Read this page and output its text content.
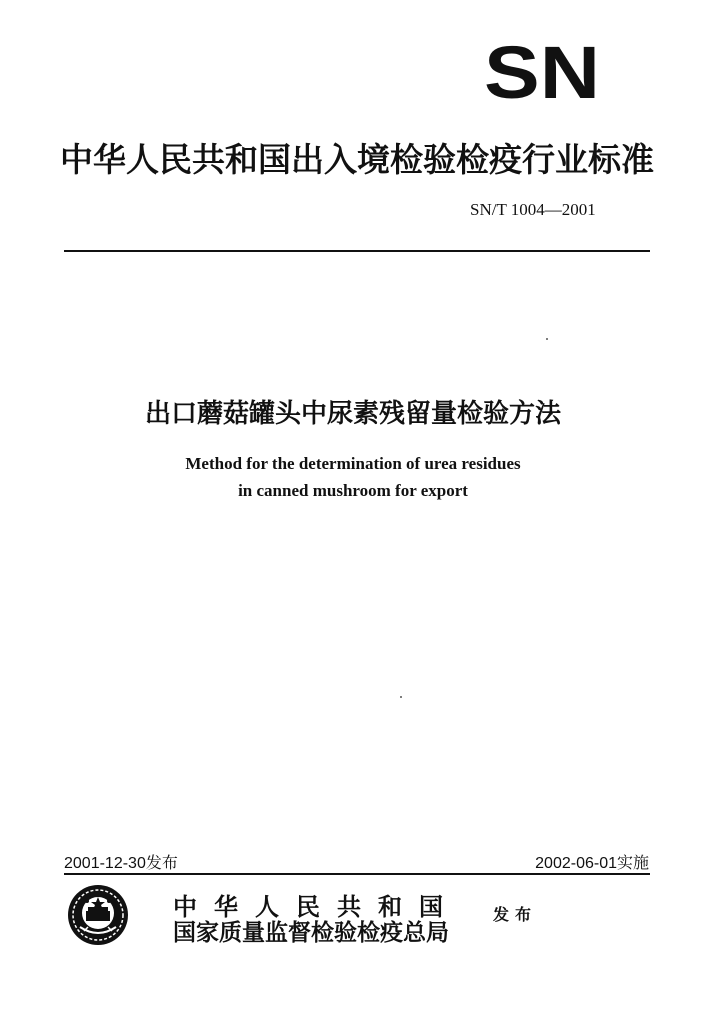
SN
中华人民共和国出入境检验检疫行业标准
SN/T 1004—2001
出口蘑菇罐头中尿素残留量检验方法
Method for the determination of urea residues
in canned mushroom for export
2001-12-30发布	2002-06-01实施
中华人民共和国
国家质量监督检验检疫总局
发布
